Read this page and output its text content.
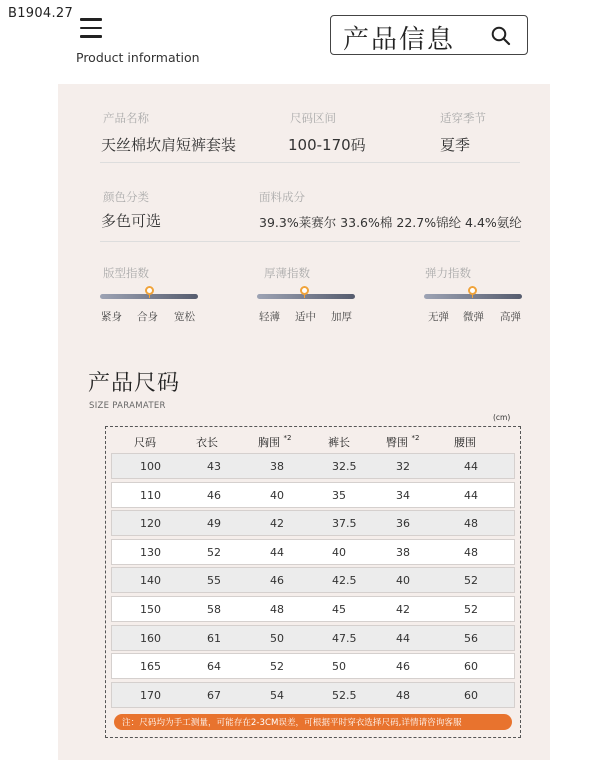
B1904.27
Product information
产品信息
产品名称
天丝棉坎肩短裤套装
尺码区间
100-170码
适穿季节
夏季
颜色分类
多色可选
面料成分
39.3%莱赛尔 33.6%棉 22.7%锦纶 4.4%氨纶
版型指数
紧身 合身 宽松
厚薄指数
轻薄 适中 加厚
弹力指数
无弹 微弹 高弹
产品尺码
SIZE PARAMATER
(cm)
尺码	衣长	胸围 $^{*2}$	裤长	臀围 $^{*2}$	腰围
100	43	38	32.5	32	44
110	46	40	35	34	44
120	49	42	37.5	36	48
130	52	44	40	38	48
140	55	46	42.5	40	52
150	58	48	45	42	52
160	61	50	47.5	44	56
165	64	52	50	46	60
170	67	54	52.5	48	60
注：尺码均为手工测量，可能存在2-3CM误差，可根据平时穿衣选择尺码,详情请咨询客服
